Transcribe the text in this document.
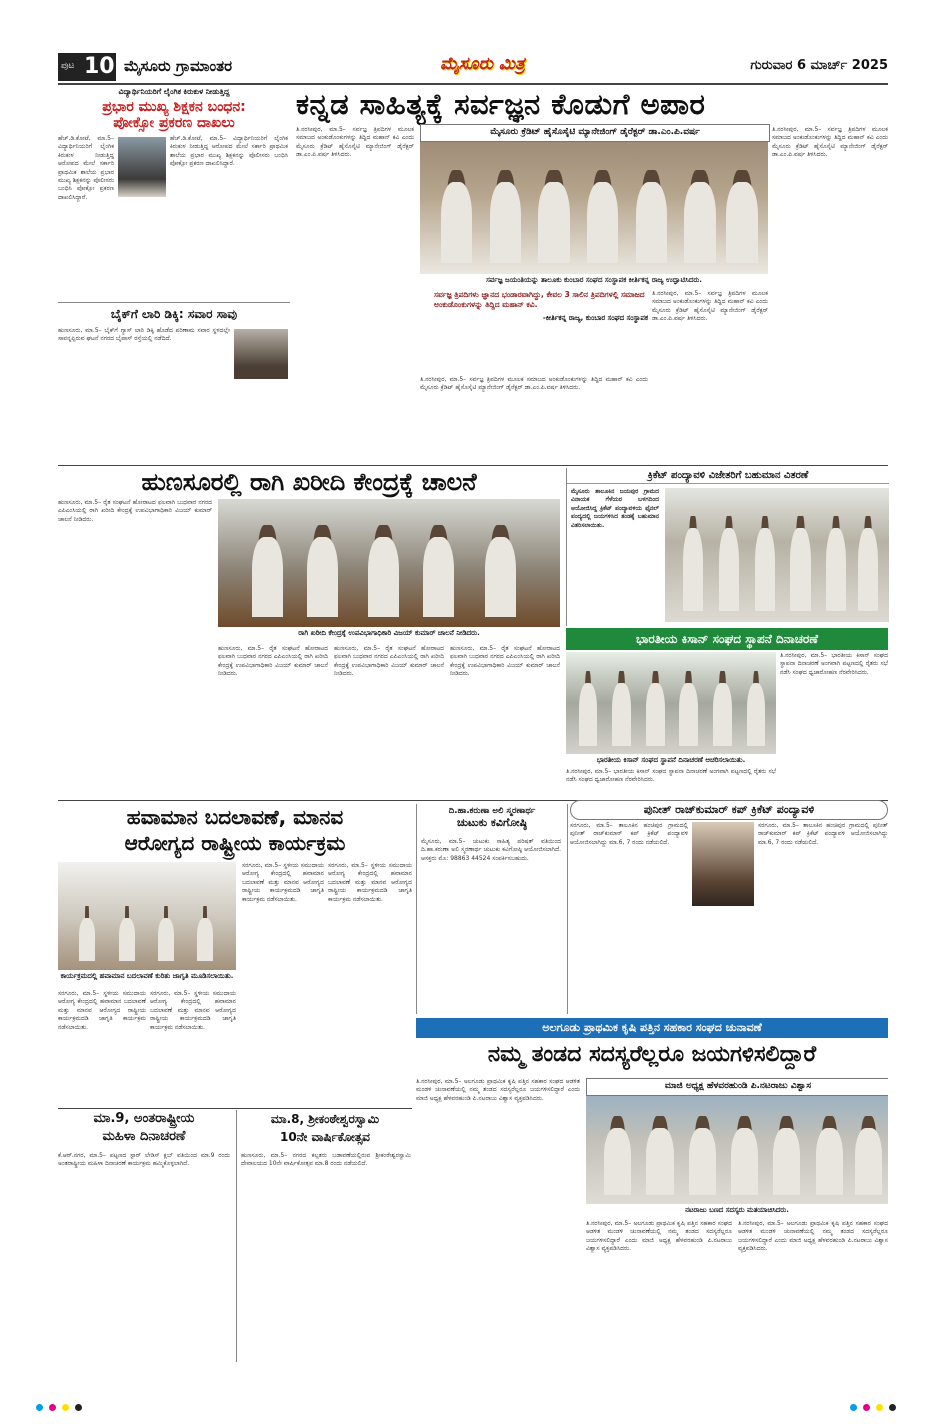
ಪುಟ 10 ಮೈಸೂರು ಗ್ರಾಮಾಂತರ	ಮೈಸೂರು ಮಿತ್ರ	ಗುರುವಾರ 6 ಮಾರ್ಚ್ 2025
ವಿದ್ಯಾರ್ಥಿನಿಯರಿಗೆ ಲೈಂಗಿಕ ಕಿರುಕುಳ ನೀಡುತ್ತಿದ್ದ
ಪ್ರಭಾರ ಮುಖ್ಯ ಶಿಕ್ಷಕನ ಬಂಧನ:
ಪೋಕ್ಸೋ ಪ್ರಕರಣ ದಾಖಲು
ಹೆಚ್.ಡಿ.ಕೋಟೆ, ಮಾ.5– ವಿದ್ಯಾರ್ಥಿನಿಯರಿಗೆ ಲೈಂಗಿಕ ಕಿರುಕುಳ ನೀಡುತ್ತಿದ್ದ ಆರೋಪದ ಮೇಲೆ ಸರ್ಕಾರಿ ಪ್ರಾಥಮಿಕ ಶಾಲೆಯ ಪ್ರಭಾರ ಮುಖ್ಯ ಶಿಕ್ಷಕನನ್ನು ಪೊಲೀಸರು ಬಂಧಿಸಿ ಪೋಕ್ಸೋ ಪ್ರಕರಣ ದಾಖಲಿಸಿದ್ದಾರೆ.
ಹೆಚ್.ಡಿ.ಕೋಟೆ, ಮಾ.5– ವಿದ್ಯಾರ್ಥಿನಿಯರಿಗೆ ಲೈಂಗಿಕ ಕಿರುಕುಳ ನೀಡುತ್ತಿದ್ದ ಆರೋಪದ ಮೇಲೆ ಸರ್ಕಾರಿ ಪ್ರಾಥಮಿಕ ಶಾಲೆಯ ಪ್ರಭಾರ ಮುಖ್ಯ ಶಿಕ್ಷಕನನ್ನು ಪೊಲೀಸರು ಬಂಧಿಸಿ ಪೋಕ್ಸೋ ಪ್ರಕರಣ ದಾಖಲಿಸಿದ್ದಾರೆ.
ಬೈಕ್‌ಗೆ ಲಾರಿ ಡಿಕ್ಕಿ: ಸವಾರ ಸಾವು
ಹುಣಸೂರು, ಮಾ.5– ಬೈಕ್‌ಗೆ ಗ್ಯಾಸ್ ಲಾರಿ ಡಿಕ್ಕಿ ಹೊಡೆದ ಪರಿಣಾಮ ಸವಾರ ಸ್ಥಳದಲ್ಲೇ ಸಾವನ್ನಪ್ಪಿರುವ ಘಟನೆ ನಗರದ ಬೈಪಾಸ್ ರಸ್ತೆಯಲ್ಲಿ ನಡೆದಿದೆ.
ಕನ್ನಡ ಸಾಹಿತ್ಯಕ್ಕೆ ಸರ್ವಜ್ಞನ ಕೊಡುಗೆ ಅಪಾರ
ಮೈಸೂರು ಕ್ರೆಡಿಟ್ ಹೈಸೊಸೈಟಿ ಮ್ಯಾನೇಜಿಂಗ್ ಡೈರೆಕ್ಟರ್ ಡಾ.ಎಂ.ಪಿ.ವರ್ಷ
ಸರ್ವಜ್ಞ ಜಯಂತಿಯನ್ನು ತಾಲೂಕು ಕುಂಬಾರ ಸಂಘದ ಸಂಸ್ಥಾಪಕ ಕೀರ್ತಿಕನ್ನ ರಾಜ್ಯ ಉದ್ಘಾಟಿಸಿದರು.
ಸರ್ವಜ್ಞ ತ್ರಿಪದಿಗಳು ಜ್ಞಾನದ ಭಂಡಾರವಾಗಿದ್ದು, ಕೇವಲ 3 ಸಾಲಿನ ತ್ರಿಪದಿಗಳಲ್ಲಿ ಸಮಾಜದ ಅಂಕುಡೊಂಕುಗಳನ್ನು ತಿದ್ದಿದ ಮಹಾನ್ ಕವಿ.
-ಕೀರ್ತಿಕನ್ನ ರಾಜ್ಯ, ಕುಂಬಾರ ಸಂಘದ ಸಂಸ್ಥಾಪಕ
ತಿ.ನರಸೀಪುರ, ಮಾ.5– ಸರ್ವಜ್ಞ ತ್ರಿಪದಿಗಳ ಮೂಲಕ ಸಮಾಜದ ಅಂಕುಡೊಂಕುಗಳನ್ನು ತಿದ್ದಿದ ಮಹಾನ್ ಕವಿ ಎಂದು ಮೈಸೂರು ಕ್ರೆಡಿಟ್ ಹೈಸೊಸೈಟಿ ಮ್ಯಾನೇಜಿಂಗ್ ಡೈರೆಕ್ಟರ್ ಡಾ.ಎಂ.ಪಿ.ವರ್ಷ ತಿಳಿಸಿದರು.
ತಿ.ನರಸೀಪುರ, ಮಾ.5– ಸರ್ವಜ್ಞ ತ್ರಿಪದಿಗಳ ಮೂಲಕ ಸಮಾಜದ ಅಂಕುಡೊಂಕುಗಳನ್ನು ತಿದ್ದಿದ ಮಹಾನ್ ಕವಿ ಎಂದು ಮೈಸೂರು ಕ್ರೆಡಿಟ್ ಹೈಸೊಸೈಟಿ ಮ್ಯಾನೇಜಿಂಗ್ ಡೈರೆಕ್ಟರ್ ಡಾ.ಎಂ.ಪಿ.ವರ್ಷ ತಿಳಿಸಿದರು.
ತಿ.ನರಸೀಪುರ, ಮಾ.5– ಸರ್ವಜ್ಞ ತ್ರಿಪದಿಗಳ ಮೂಲಕ ಸಮಾಜದ ಅಂಕುಡೊಂಕುಗಳನ್ನು ತಿದ್ದಿದ ಮಹಾನ್ ಕವಿ ಎಂದು ಮೈಸೂರು ಕ್ರೆಡಿಟ್ ಹೈಸೊಸೈಟಿ ಮ್ಯಾನೇಜಿಂಗ್ ಡೈರೆಕ್ಟರ್ ಡಾ.ಎಂ.ಪಿ.ವರ್ಷ ತಿಳಿಸಿದರು.
ತಿ.ನರಸೀಪುರ, ಮಾ.5– ಸರ್ವಜ್ಞ ತ್ರಿಪದಿಗಳ ಮೂಲಕ ಸಮಾಜದ ಅಂಕುಡೊಂಕುಗಳನ್ನು ತಿದ್ದಿದ ಮಹಾನ್ ಕವಿ ಎಂದು ಮೈಸೂರು ಕ್ರೆಡಿಟ್ ಹೈಸೊಸೈಟಿ ಮ್ಯಾನೇಜಿಂಗ್ ಡೈರೆಕ್ಟರ್ ಡಾ.ಎಂ.ಪಿ.ವರ್ಷ ತಿಳಿಸಿದರು.
ಹುಣಸೂರಲ್ಲಿ ರಾಗಿ ಖರೀದಿ ಕೇಂದ್ರಕ್ಕೆ ಚಾಲನೆ
ರಾಗಿ ಖರೀದಿ ಕೇಂದ್ರಕ್ಕೆ ಉಪವಿಭಾಗಾಧಿಕಾರಿ ವಿಜಯ್ ಕುಮಾರ್ ಚಾಲನೆ ನೀಡಿದರು.
ಹುಣಸೂರು, ಮಾ.5– ರೈತ ಸಂಘಟನೆ ಹೋರಾಟದ ಫಲವಾಗಿ ಬುಧವಾರ ನಗರದ ಎಪಿಎಂಸಿಯಲ್ಲಿ ರಾಗಿ ಖರೀದಿ ಕೇಂದ್ರಕ್ಕೆ ಉಪವಿಭಾಗಾಧಿಕಾರಿ ವಿಜಯ್ ಕುಮಾರ್ ಚಾಲನೆ ನೀಡಿದರು.
ಹುಣಸೂರು, ಮಾ.5– ರೈತ ಸಂಘಟನೆ ಹೋರಾಟದ ಫಲವಾಗಿ ಬುಧವಾರ ನಗರದ ಎಪಿಎಂಸಿಯಲ್ಲಿ ರಾಗಿ ಖರೀದಿ ಕೇಂದ್ರಕ್ಕೆ ಉಪವಿಭಾಗಾಧಿಕಾರಿ ವಿಜಯ್ ಕುಮಾರ್ ಚಾಲನೆ ನೀಡಿದರು.
ಹುಣಸೂರು, ಮಾ.5– ರೈತ ಸಂಘಟನೆ ಹೋರಾಟದ ಫಲವಾಗಿ ಬುಧವಾರ ನಗರದ ಎಪಿಎಂಸಿಯಲ್ಲಿ ರಾಗಿ ಖರೀದಿ ಕೇಂದ್ರಕ್ಕೆ ಉಪವಿಭಾಗಾಧಿಕಾರಿ ವಿಜಯ್ ಕುಮಾರ್ ಚಾಲನೆ ನೀಡಿದರು.
ಹುಣಸೂರು, ಮಾ.5– ರೈತ ಸಂಘಟನೆ ಹೋರಾಟದ ಫಲವಾಗಿ ಬುಧವಾರ ನಗರದ ಎಪಿಎಂಸಿಯಲ್ಲಿ ರಾಗಿ ಖರೀದಿ ಕೇಂದ್ರಕ್ಕೆ ಉಪವಿಭಾಗಾಧಿಕಾರಿ ವಿಜಯ್ ಕುಮಾರ್ ಚಾಲನೆ ನೀಡಿದರು.
ಕ್ರಿಕೆಟ್ ಪಂದ್ಯಾವಳಿ ವಿಜೇತರಿಗೆ ಬಹುಮಾನ ವಿತರಣೆ
ಮೈಸೂರು ತಾಲೂಕಿನ ಜಯಪುರ ಗ್ರಾಮದ ವಿನಾಯಕ ಗೆಳೆಯರ ಬಳಗದಿಂದ ಆಯೋಜಿಸಿದ್ದ ಕ್ರಿಕೆಟ್ ಪಂದ್ಯಾವಳಿಯ ಫೈನಲ್ ಪಂದ್ಯದಲ್ಲಿ ಜಯಗಳಿಸಿದ ತಂಡಕ್ಕೆ ಬಹುಮಾನ ವಿತರಿಸಲಾಯಿತು.
ಭಾರತೀಯ ಕಿಸಾನ್ ಸಂಘದ ಸ್ಥಾಪನೆ ದಿನಾಚರಣೆ
ಭಾರತೀಯ ಕಿಸಾನ್ ಸಂಘದ ಸ್ಥಾಪನೆ ದಿನಾಚರಣೆ ಆಚರಿಸಲಾಯಿತು.
ತಿ.ನರಸೀಪುರ, ಮಾ.5– ಭಾರತೀಯ ಕಿಸಾನ್ ಸಂಘದ ಸ್ಥಾಪನಾ ದಿನಾಚರಣೆ ಅಂಗವಾಗಿ ಪಟ್ಟಣದಲ್ಲಿ ರೈತರು ಸಭೆ ನಡೆಸಿ ಸಂಘದ ಧ್ವಜಾರೋಹಣ ನೆರವೇರಿಸಿದರು.
ತಿ.ನರಸೀಪುರ, ಮಾ.5– ಭಾರತೀಯ ಕಿಸಾನ್ ಸಂಘದ ಸ್ಥಾಪನಾ ದಿನಾಚರಣೆ ಅಂಗವಾಗಿ ಪಟ್ಟಣದಲ್ಲಿ ರೈತರು ಸಭೆ ನಡೆಸಿ ಸಂಘದ ಧ್ವಜಾರೋಹಣ ನೆರವೇರಿಸಿದರು.
ಹವಾಮಾನ ಬದಲಾವಣೆ, ಮಾನವ
ಆರೋಗ್ಯದ ರಾಷ್ಟ್ರೀಯ ಕಾರ್ಯಕ್ರಮ
ಕಾರ್ಯಕ್ರಮದಲ್ಲಿ ಹವಾಮಾನ ಬದಲಾವಣೆ ಕುರಿತು ಜಾಗೃತಿ ಮೂಡಿಸಲಾಯಿತು.
ಸರಗೂರು, ಮಾ.5– ಸ್ಥಳೀಯ ಸಮುದಾಯ ಆರೋಗ್ಯ ಕೇಂದ್ರದಲ್ಲಿ ಹವಾಮಾನ ಬದಲಾವಣೆ ಮತ್ತು ಮಾನವ ಆರೋಗ್ಯದ ರಾಷ್ಟ್ರೀಯ ಕಾರ್ಯಕ್ರಮದಡಿ ಜಾಗೃತಿ ಕಾರ್ಯಕ್ರಮ ನಡೆಸಲಾಯಿತು.
ಸರಗೂರು, ಮಾ.5– ಸ್ಥಳೀಯ ಸಮುದಾಯ ಆರೋಗ್ಯ ಕೇಂದ್ರದಲ್ಲಿ ಹವಾಮಾನ ಬದಲಾವಣೆ ಮತ್ತು ಮಾನವ ಆರೋಗ್ಯದ ರಾಷ್ಟ್ರೀಯ ಕಾರ್ಯಕ್ರಮದಡಿ ಜಾಗೃತಿ ಕಾರ್ಯಕ್ರಮ ನಡೆಸಲಾಯಿತು.
ಸರಗೂರು, ಮಾ.5– ಸ್ಥಳೀಯ ಸಮುದಾಯ ಆರೋಗ್ಯ ಕೇಂದ್ರದಲ್ಲಿ ಹವಾಮಾನ ಬದಲಾವಣೆ ಮತ್ತು ಮಾನವ ಆರೋಗ್ಯದ ರಾಷ್ಟ್ರೀಯ ಕಾರ್ಯಕ್ರಮದಡಿ ಜಾಗೃತಿ ಕಾರ್ಯಕ್ರಮ ನಡೆಸಲಾಯಿತು.
ಸರಗೂರು, ಮಾ.5– ಸ್ಥಳೀಯ ಸಮುದಾಯ ಆರೋಗ್ಯ ಕೇಂದ್ರದಲ್ಲಿ ಹವಾಮಾನ ಬದಲಾವಣೆ ಮತ್ತು ಮಾನವ ಆರೋಗ್ಯದ ರಾಷ್ಟ್ರೀಯ ಕಾರ್ಯಕ್ರಮದಡಿ ಜಾಗೃತಿ ಕಾರ್ಯಕ್ರಮ ನಡೆಸಲಾಯಿತು.
ದಿ.ಹಾ.ಕರುಣಾ ಅಲಿ ಸ್ಮರಣಾರ್ಥ
ಚುಟುಕು ಕವಿಗೋಷ್ಠಿ
ಮೈಸೂರು, ಮಾ.5– ಚುಟುಕು ಸಾಹಿತ್ಯ ಪರಿಷತ್ ವತಿಯಿಂದ ದಿ.ಹಾ.ಕರುಣಾ ಅಲಿ ಸ್ಮರಣಾರ್ಥ ಚುಟುಕು ಕವಿಗೋಷ್ಠಿ ಆಯೋಜಿಸಲಾಗಿದೆ. ಆಸಕ್ತರು ಮೊ: 98863 44524 ಸಂಪರ್ಕಿಸಬಹುದು.
ಪುನೀತ್ ರಾಜ್‌ಕುಮಾರ್ ಕಪ್ ಕ್ರಿಕೆಟ್ ಪಂದ್ಯಾವಳಿ
ಸರಗೂರು, ಮಾ.5– ತಾಲೂಕಿನ ಹಂಚಿಪುರ ಗ್ರಾಮದಲ್ಲಿ ಪುನೀತ್ ರಾಜ್‌ಕುಮಾರ್ ಕಪ್ ಕ್ರಿಕೆಟ್ ಪಂದ್ಯಾವಳಿ ಆಯೋಜಿಸಲಾಗಿದ್ದು ಮಾ.6, 7 ರಂದು ನಡೆಯಲಿದೆ.
ಸರಗೂರು, ಮಾ.5– ತಾಲೂಕಿನ ಹಂಚಿಪುರ ಗ್ರಾಮದಲ್ಲಿ ಪುನೀತ್ ರಾಜ್‌ಕುಮಾರ್ ಕಪ್ ಕ್ರಿಕೆಟ್ ಪಂದ್ಯಾವಳಿ ಆಯೋಜಿಸಲಾಗಿದ್ದು ಮಾ.6, 7 ರಂದು ನಡೆಯಲಿದೆ.
ಅಲಗೂಡು ಪ್ರಾಥಮಿಕ ಕೃಷಿ ಪತ್ತಿನ ಸಹಕಾರ ಸಂಘದ ಚುನಾವಣೆ
ನಮ್ಮ ತಂಡದ ಸದಸ್ಯರೆಲ್ಲರೂ ಜಯಗಳಿಸಲಿದ್ದಾರೆ
ಮಾಜಿ ಅಧ್ಯಕ್ಷ ಹೆಳವರಹುಂಡಿ ಪಿ.ನಟರಾಜು ವಿಶ್ವಾಸ
ನಟರಾಜು ಬಣದ ಸದಸ್ಯರು ಮತಯಾಚಿಸಿದರು.
ತಿ.ನರಸೀಪುರ, ಮಾ.5– ಅಲಗೂಡು ಪ್ರಾಥಮಿಕ ಕೃಷಿ ಪತ್ತಿನ ಸಹಕಾರ ಸಂಘದ ಆಡಳಿತ ಮಂಡಳಿ ಚುನಾವಣೆಯಲ್ಲಿ ನಮ್ಮ ತಂಡದ ಸದಸ್ಯರೆಲ್ಲರೂ ಜಯಗಳಿಸಲಿದ್ದಾರೆ ಎಂದು ಮಾಜಿ ಅಧ್ಯಕ್ಷ ಹೆಳವರಹುಂಡಿ ಪಿ.ನಟರಾಜು ವಿಶ್ವಾಸ ವ್ಯಕ್ತಪಡಿಸಿದರು.
ತಿ.ನರಸೀಪುರ, ಮಾ.5– ಅಲಗೂಡು ಪ್ರಾಥಮಿಕ ಕೃಷಿ ಪತ್ತಿನ ಸಹಕಾರ ಸಂಘದ ಆಡಳಿತ ಮಂಡಳಿ ಚುನಾವಣೆಯಲ್ಲಿ ನಮ್ಮ ತಂಡದ ಸದಸ್ಯರೆಲ್ಲರೂ ಜಯಗಳಿಸಲಿದ್ದಾರೆ ಎಂದು ಮಾಜಿ ಅಧ್ಯಕ್ಷ ಹೆಳವರಹುಂಡಿ ಪಿ.ನಟರಾಜು ವಿಶ್ವಾಸ ವ್ಯಕ್ತಪಡಿಸಿದರು.
ತಿ.ನರಸೀಪುರ, ಮಾ.5– ಅಲಗೂಡು ಪ್ರಾಥಮಿಕ ಕೃಷಿ ಪತ್ತಿನ ಸಹಕಾರ ಸಂಘದ ಆಡಳಿತ ಮಂಡಳಿ ಚುನಾವಣೆಯಲ್ಲಿ ನಮ್ಮ ತಂಡದ ಸದಸ್ಯರೆಲ್ಲರೂ ಜಯಗಳಿಸಲಿದ್ದಾರೆ ಎಂದು ಮಾಜಿ ಅಧ್ಯಕ್ಷ ಹೆಳವರಹುಂಡಿ ಪಿ.ನಟರಾಜು ವಿಶ್ವಾಸ ವ್ಯಕ್ತಪಡಿಸಿದರು.
ಮಾ.9, ಅಂತರಾಷ್ಟ್ರೀಯ
ಮಹಿಳಾ ದಿನಾಚರಣೆ
ಕೆ.ಆರ್.ನಗರ, ಮಾ.5– ಪಟ್ಟಣದ ಸ್ಟಾರ್ ಲೇಡಿಸ್ ಕ್ಲಬ್ ವತಿಯಿಂದ ಮಾ.9 ರಂದು ಅಂತರಾಷ್ಟ್ರೀಯ ಮಹಿಳಾ ದಿನಾಚರಣೆ ಕಾರ್ಯಕ್ರಮ ಹಮ್ಮಿಕೊಳ್ಳಲಾಗಿದೆ.
ಮಾ.8, ಶ್ರೀಕಂಠೇಶ್ವರಸ್ವಾಮಿ
10ನೇ ವಾರ್ಷಿಕೋತ್ಸವ
ಹುಣಸೂರು, ಮಾ.5– ನಗರದ ಕಲ್ಪತರು ಬಡಾವಣೆಯಲ್ಲಿರುವ ಶ್ರೀಕಂಠೇಶ್ವರಸ್ವಾಮಿ ದೇವಾಲಯದ 10ನೇ ವಾರ್ಷಿಕೋತ್ಸವ ಮಾ.8 ರಂದು ನಡೆಯಲಿದೆ.
